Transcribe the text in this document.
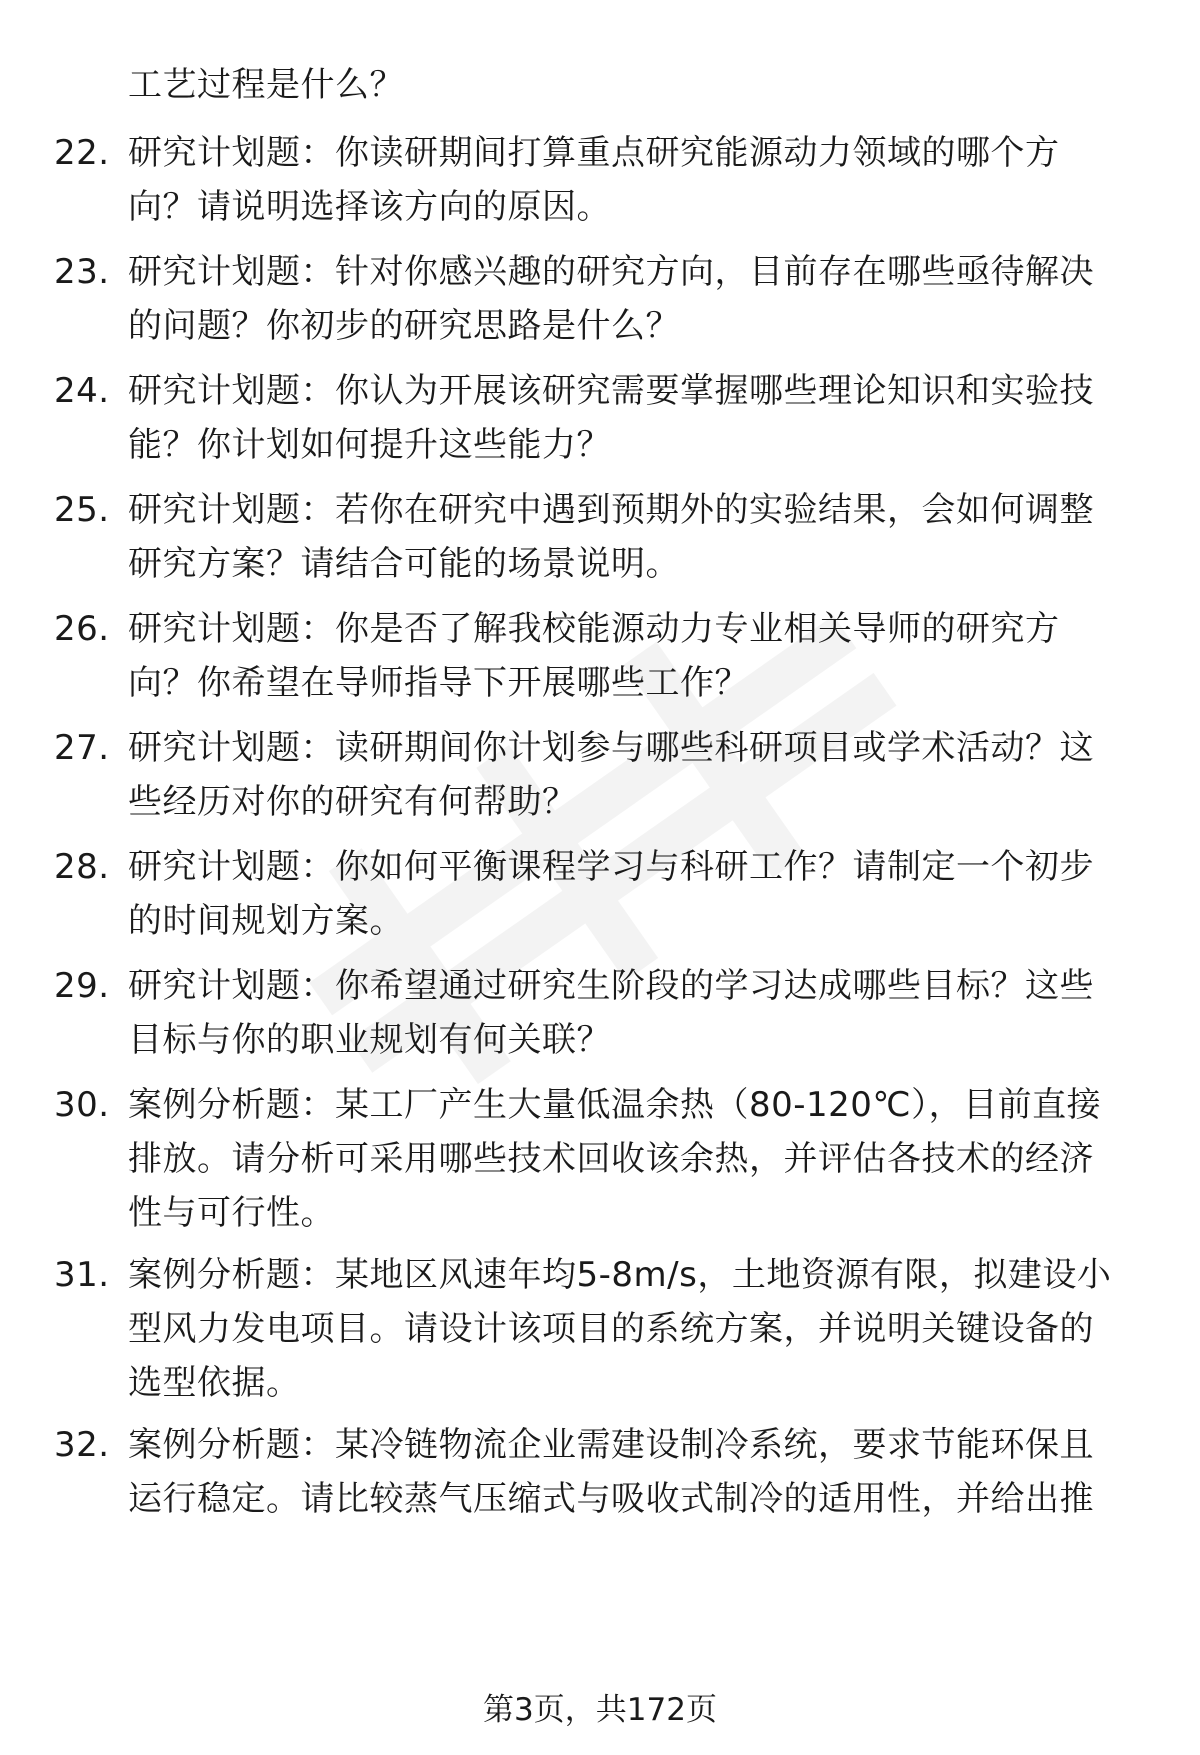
工艺过程是什么？
22. 研究计划题：你读研期间打算重点研究能源动力领域的哪个方
向？请说明选择该方向的原因。
23. 研究计划题：针对你感兴趣的研究方向，目前存在哪些亟待解决
的问题？你初步的研究思路是什么？
24. 研究计划题：你认为开展该研究需要掌握哪些理论知识和实验技
能？你计划如何提升这些能力？
25. 研究计划题：若你在研究中遇到预期外的实验结果，会如何调整
研究方案？请结合可能的场景说明。
26. 研究计划题：你是否了解我校能源动力专业相关导师的研究方
向？你希望在导师指导下开展哪些工作？
27. 研究计划题：读研期间你计划参与哪些科研项目或学术活动？这
些经历对你的研究有何帮助？
28. 研究计划题：你如何平衡课程学习与科研工作？请制定一个初步
的时间规划方案。
29. 研究计划题：你希望通过研究生阶段的学习达成哪些目标？这些
目标与你的职业规划有何关联？
30. 案例分析题：某工厂产生大量低温余热（80-120℃），目前直接
排放。请分析可采用哪些技术回收该余热，并评估各技术的经济
性与可行性。
31. 案例分析题：某地区风速年均5-8m/s，土地资源有限，拟建设小
型风力发电项目。请设计该项目的系统方案，并说明关键设备的
选型依据。
32. 案例分析题：某冷链物流企业需建设制冷系统，要求节能环保且
运行稳定。请比较蒸气压缩式与吸收式制冷的适用性，并给出推
第3页，共172页
